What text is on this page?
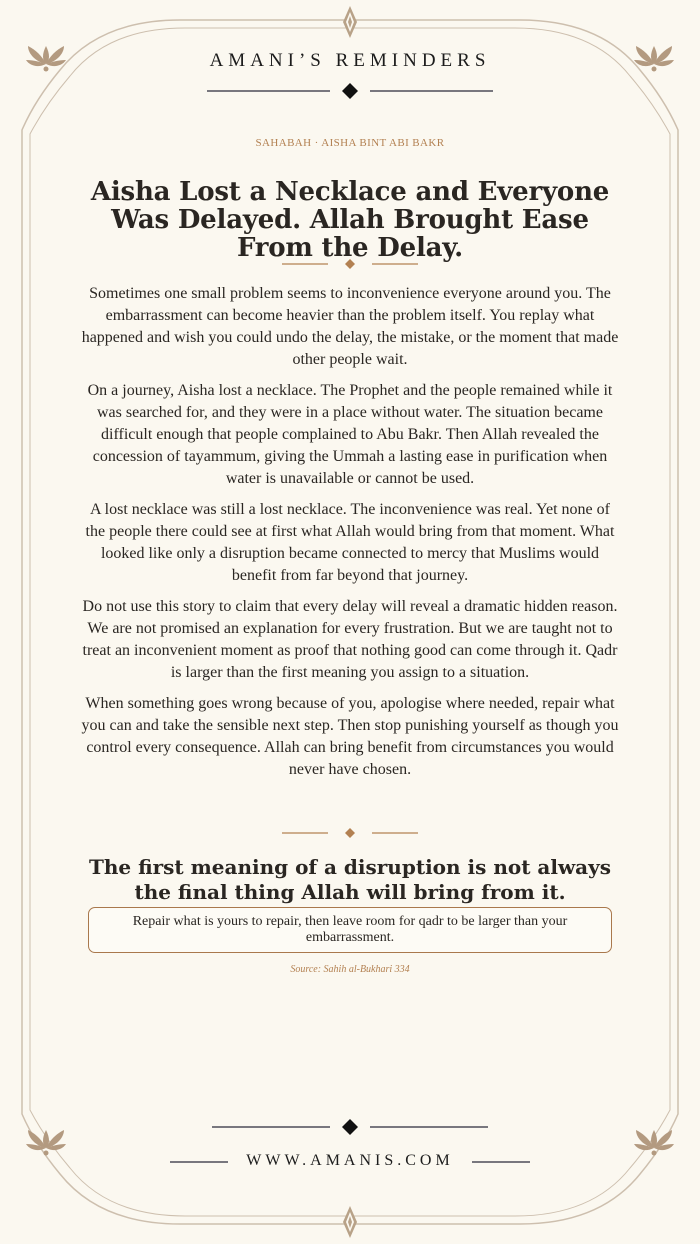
AMANI’S REMINDERS
SAHABAH · AISHA BINT ABI BAKR
Aisha Lost a Necklace and Everyone Was Delayed. Allah Brought Ease From the Delay.

Sometimes one small problem seems to inconvenience everyone around you. The embarrassment can become heavier than the problem itself. You replay what happened and wish you could undo the delay, the mistake, or the moment that made other people wait.

On a journey, Aisha lost a necklace. The Prophet and the people remained while it was searched for, and they were in a place without water. The situation became difficult enough that people complained to Abu Bakr. Then Allah revealed the concession of tayammum, giving the Ummah a lasting ease in purification when water is unavailable or cannot be used.

A lost necklace was still a lost necklace. The inconvenience was real. Yet none of the people there could see at first what Allah would bring from that moment. What looked like only a disruption became connected to mercy that Muslims would benefit from far beyond that journey.

Do not use this story to claim that every delay will reveal a dramatic hidden reason. We are not promised an explanation for every frustration. But we are taught not to treat an inconvenient moment as proof that nothing good can come through it. Qadr is larger than the first meaning you assign to a situation.

When something goes wrong because of you, apologise where needed, repair what you can and take the sensible next step. Then stop punishing yourself as though you control every consequence. Allah can bring benefit from circumstances you would never have chosen.

The first meaning of a disruption is not always the final thing Allah will bring from it.
Repair what is yours to repair, then leave room for qadr to be larger than your embarrassment.
Source: Sahih al-Bukhari 334
WWW.AMANIS.COM
